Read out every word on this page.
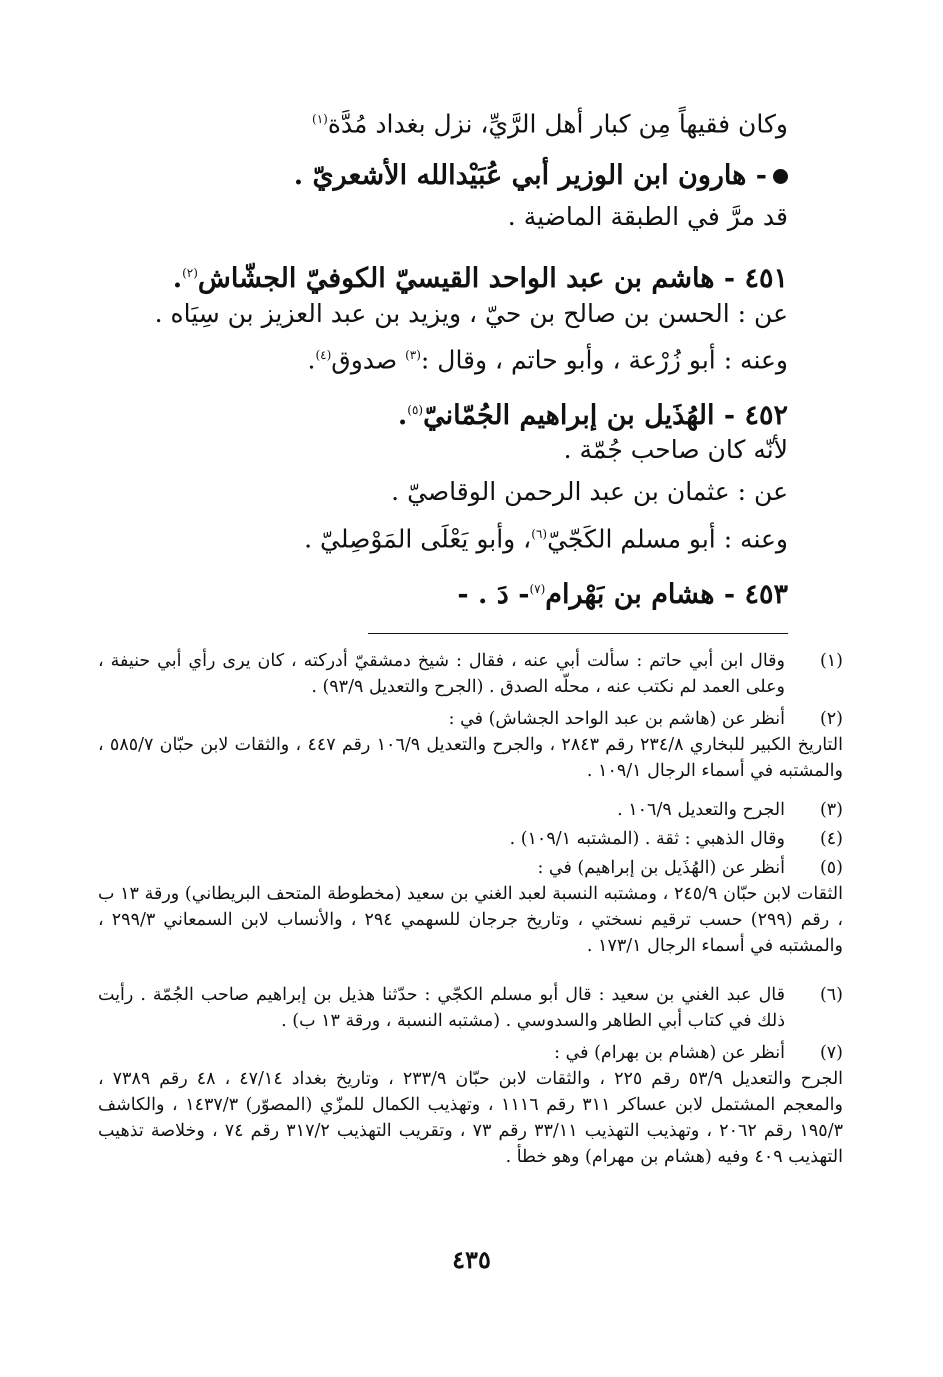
وكان فقيهاً مِن كبار أهل الرَّيِّ، نزل بغداد مُدَّة$^{(١)}$
- هارون ابن الوزير أبي عُبَيْدالله الأشعريّ .
قد مرَّ في الطبقة الماضية .
٤٥١ - هاشم بن عبد الواحد القيسيّ الكوفيّ الجشّاش$^{(٢)}$.
عن : الحسن بن صالح بن حيّ ، ويزيد بن عبد العزيز بن سِيَاه .
وعنه : أبو زُرْعة ، وأبو حاتم ، وقال :$^{(٣)}$ صدوق$^{(٤)}$.
٤٥٢ - الهُذَيل بن إبراهيم الجُمّانيّ$^{(٥)}$.
لأنّه كان صاحب جُمّة .
عن : عثمان بن عبد الرحمن الوقاصيّ .
وعنه : أبو مسلم الكَجّيّ$^{(٦)}$، وأبو يَعْلَى المَوْصِليّ .
٤٥٣ - هشام بن بَهْرام$^{(٧)}$- دَ . -
(١)
وقال ابن أبي حاتم : سألت أبي عنه ، فقال : شيخ دمشقيّ أدركته ، كان يرى رأي أبي حنيفة ، وعلى العمد لم نكتب عنه ، محلّه الصدق . (الجرح والتعديل ٩٣/٩) .
(٢)
أنظر عن (هاشم بن عبد الواحد الجشاش) في :
التاريخ الكبير للبخاري ٢٣٤/٨ رقم ٢٨٤٣ ، والجرح والتعديل ١٠٦/٩ رقم ٤٤٧ ، والثقات لابن حبّان ٥٨٥/٧ ، والمشتبه في أسماء الرجال ١٠٩/١ .
(٣)
الجرح والتعديل ١٠٦/٩ .
(٤)
وقال الذهبي : ثقة . (المشتبه ١٠٩/١) .
(٥)
أنظر عن (الهُذَيل بن إبراهيم) في :
الثقات لابن حبّان ٢٤٥/٩ ، ومشتبه النسبة لعبد الغني بن سعيد (مخطوطة المتحف البريطاني) ورقة ١٣ ب ، رقم (٢٩٩) حسب ترقيم نسختي ، وتاريخ جرجان للسهمي ٢٩٤ ، والأنساب لابن السمعاني ٢٩٩/٣ ، والمشتبه في أسماء الرجال ١٧٣/١ .
(٦)
قال عبد الغني بن سعيد : قال أبو مسلم الكجّي : حدّثنا هذيل بن إبراهيم صاحب الجُمّة . رأيت ذلك في كتاب أبي الطاهر والسدوسي . (مشتبه النسبة ، ورقة ١٣ ب) .
(٧)
أنظر عن (هشام بن بهرام) في :
الجرح والتعديل ٥٣/٩ رقم ٢٢٥ ، والثقات لابن حبّان ٢٣٣/٩ ، وتاريخ بغداد ٤٧/١٤ ، ٤٨ رقم ٧٣٨٩ ، والمعجم المشتمل لابن عساكر ٣١١ رقم ١١١٦ ، وتهذيب الكمال للمزّي (المصوّر) ١٤٣٧/٣ ، والكاشف ١٩٥/٣ رقم ٢٠٦٢ ، وتهذيب التهذيب ٣٣/١١ رقم ٧٣ ، وتقريب التهذيب ٣١٧/٢ رقم ٧٤ ، وخلاصة تذهيب التهذيب ٤٠٩ وفيه (هشام بن مهرام) وهو خطأ .
٤٣٥
